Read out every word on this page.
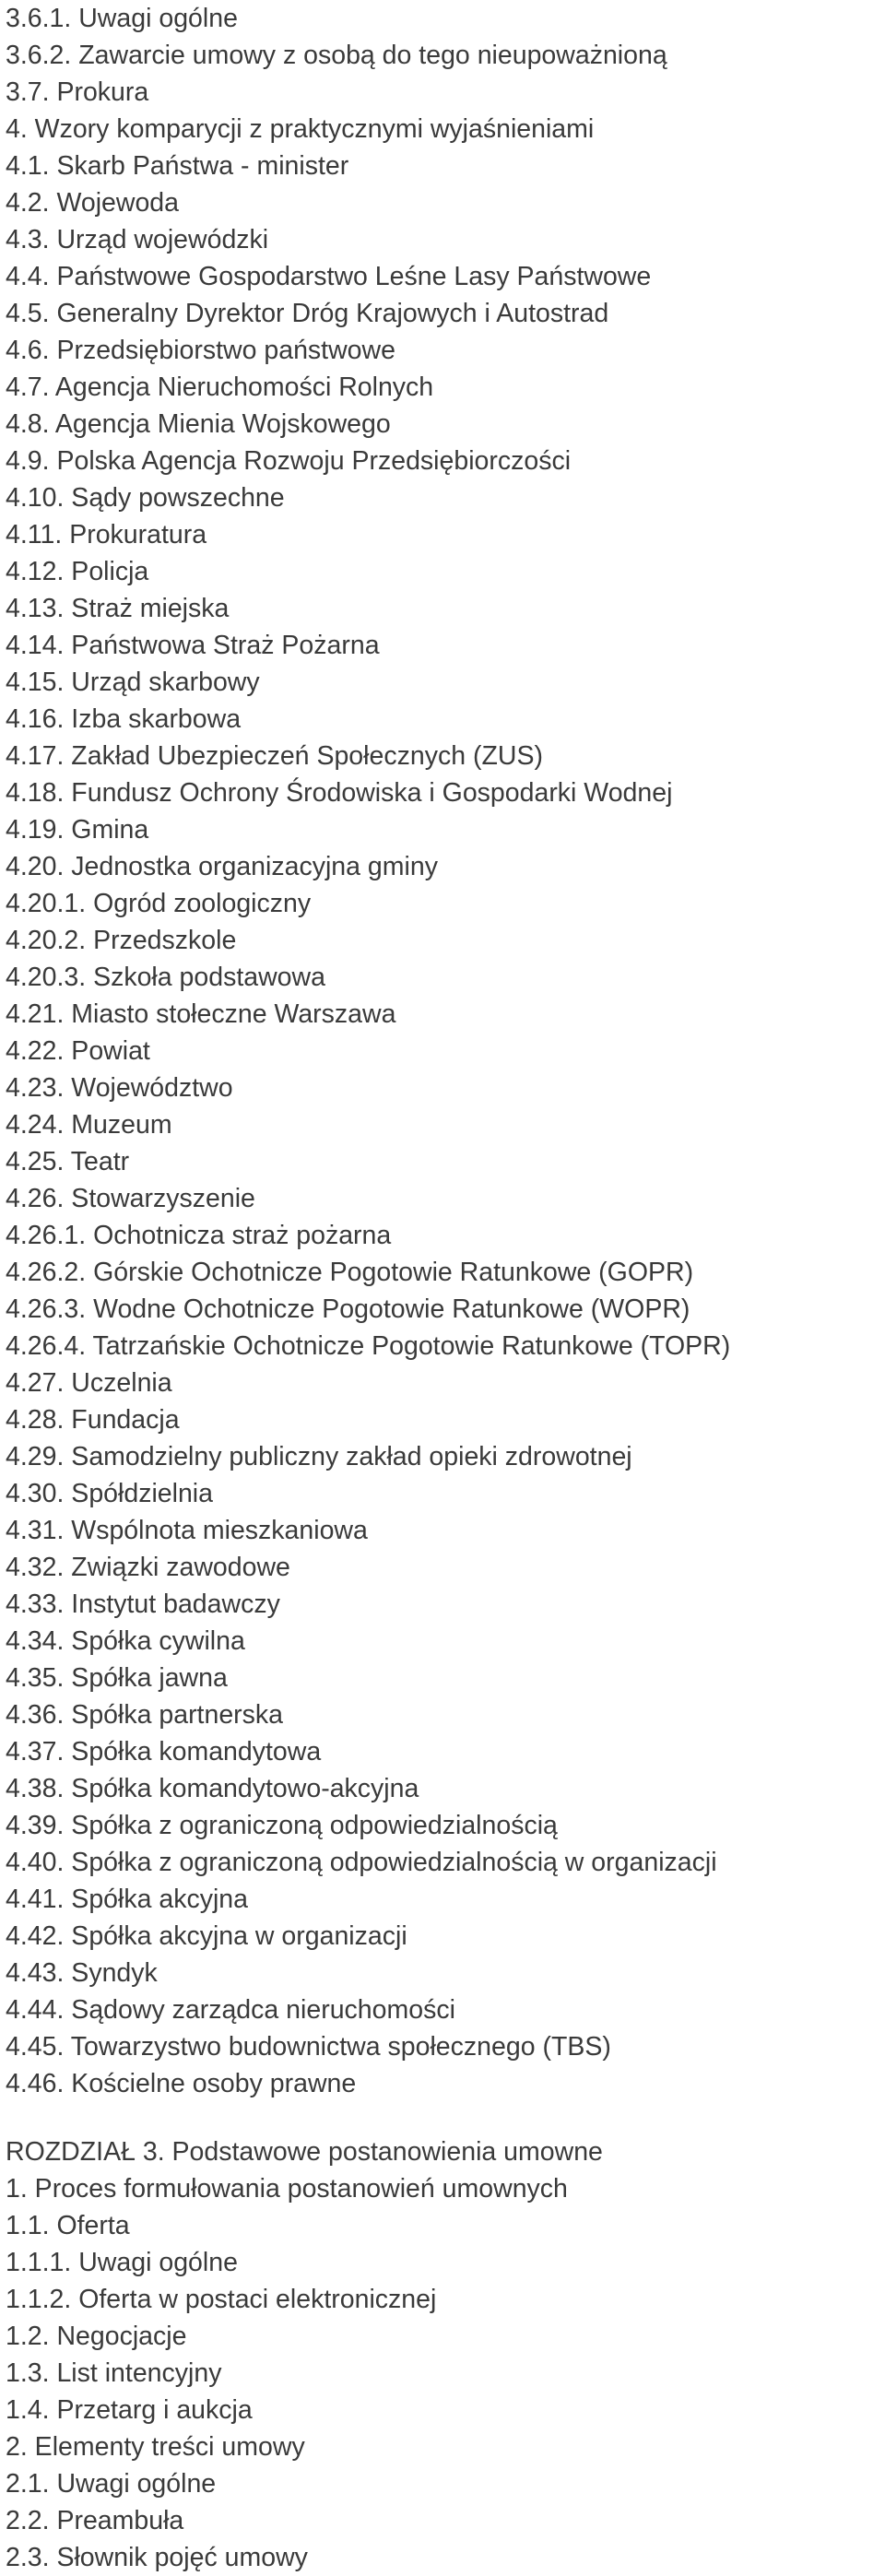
3.6.1. Uwagi ogólne
3.6.2. Zawarcie umowy z osobą do tego nieupoważnioną
3.7. Prokura
4. Wzory komparycji z praktycznymi wyjaśnieniami
4.1. Skarb Państwa - minister
4.2. Wojewoda
4.3. Urząd wojewódzki
4.4. Państwowe Gospodarstwo Leśne Lasy Państwowe
4.5. Generalny Dyrektor Dróg Krajowych i Autostrad
4.6. Przedsiębiorstwo państwowe
4.7. Agencja Nieruchomości Rolnych
4.8. Agencja Mienia Wojskowego
4.9. Polska Agencja Rozwoju Przedsiębiorczości
4.10. Sądy powszechne
4.11. Prokuratura
4.12. Policja
4.13. Straż miejska
4.14. Państwowa Straż Pożarna
4.15. Urząd skarbowy
4.16. Izba skarbowa
4.17. Zakład Ubezpieczeń Społecznych (ZUS)
4.18. Fundusz Ochrony Środowiska i Gospodarki Wodnej
4.19. Gmina
4.20. Jednostka organizacyjna gminy
4.20.1. Ogród zoologiczny
4.20.2. Przedszkole
4.20.3. Szkoła podstawowa
4.21. Miasto stołeczne Warszawa
4.22. Powiat
4.23. Województwo
4.24. Muzeum
4.25. Teatr
4.26. Stowarzyszenie
4.26.1. Ochotnicza straż pożarna
4.26.2. Górskie Ochotnicze Pogotowie Ratunkowe (GOPR)
4.26.3. Wodne Ochotnicze Pogotowie Ratunkowe (WOPR)
4.26.4. Tatrzańskie Ochotnicze Pogotowie Ratunkowe (TOPR)
4.27. Uczelnia
4.28. Fundacja
4.29. Samodzielny publiczny zakład opieki zdrowotnej
4.30. Spółdzielnia
4.31. Wspólnota mieszkaniowa
4.32. Związki zawodowe
4.33. Instytut badawczy
4.34. Spółka cywilna
4.35. Spółka jawna
4.36. Spółka partnerska
4.37. Spółka komandytowa
4.38. Spółka komandytowo-akcyjna
4.39. Spółka z ograniczoną odpowiedzialnością
4.40. Spółka z ograniczoną odpowiedzialnością w organizacji
4.41. Spółka akcyjna
4.42. Spółka akcyjna w organizacji
4.43. Syndyk
4.44. Sądowy zarządca nieruchomości
4.45. Towarzystwo budownictwa społecznego (TBS)
4.46. Kościelne osoby prawne
ROZDZIAŁ 3. Podstawowe postanowienia umowne
1. Proces formułowania postanowień umownych
1.1. Oferta
1.1.1. Uwagi ogólne
1.1.2. Oferta w postaci elektronicznej
1.2. Negocjacje
1.3. List intencyjny
1.4. Przetarg i aukcja
2. Elementy treści umowy
2.1. Uwagi ogólne
2.2. Preambuła
2.3. Słownik pojęć umowy
